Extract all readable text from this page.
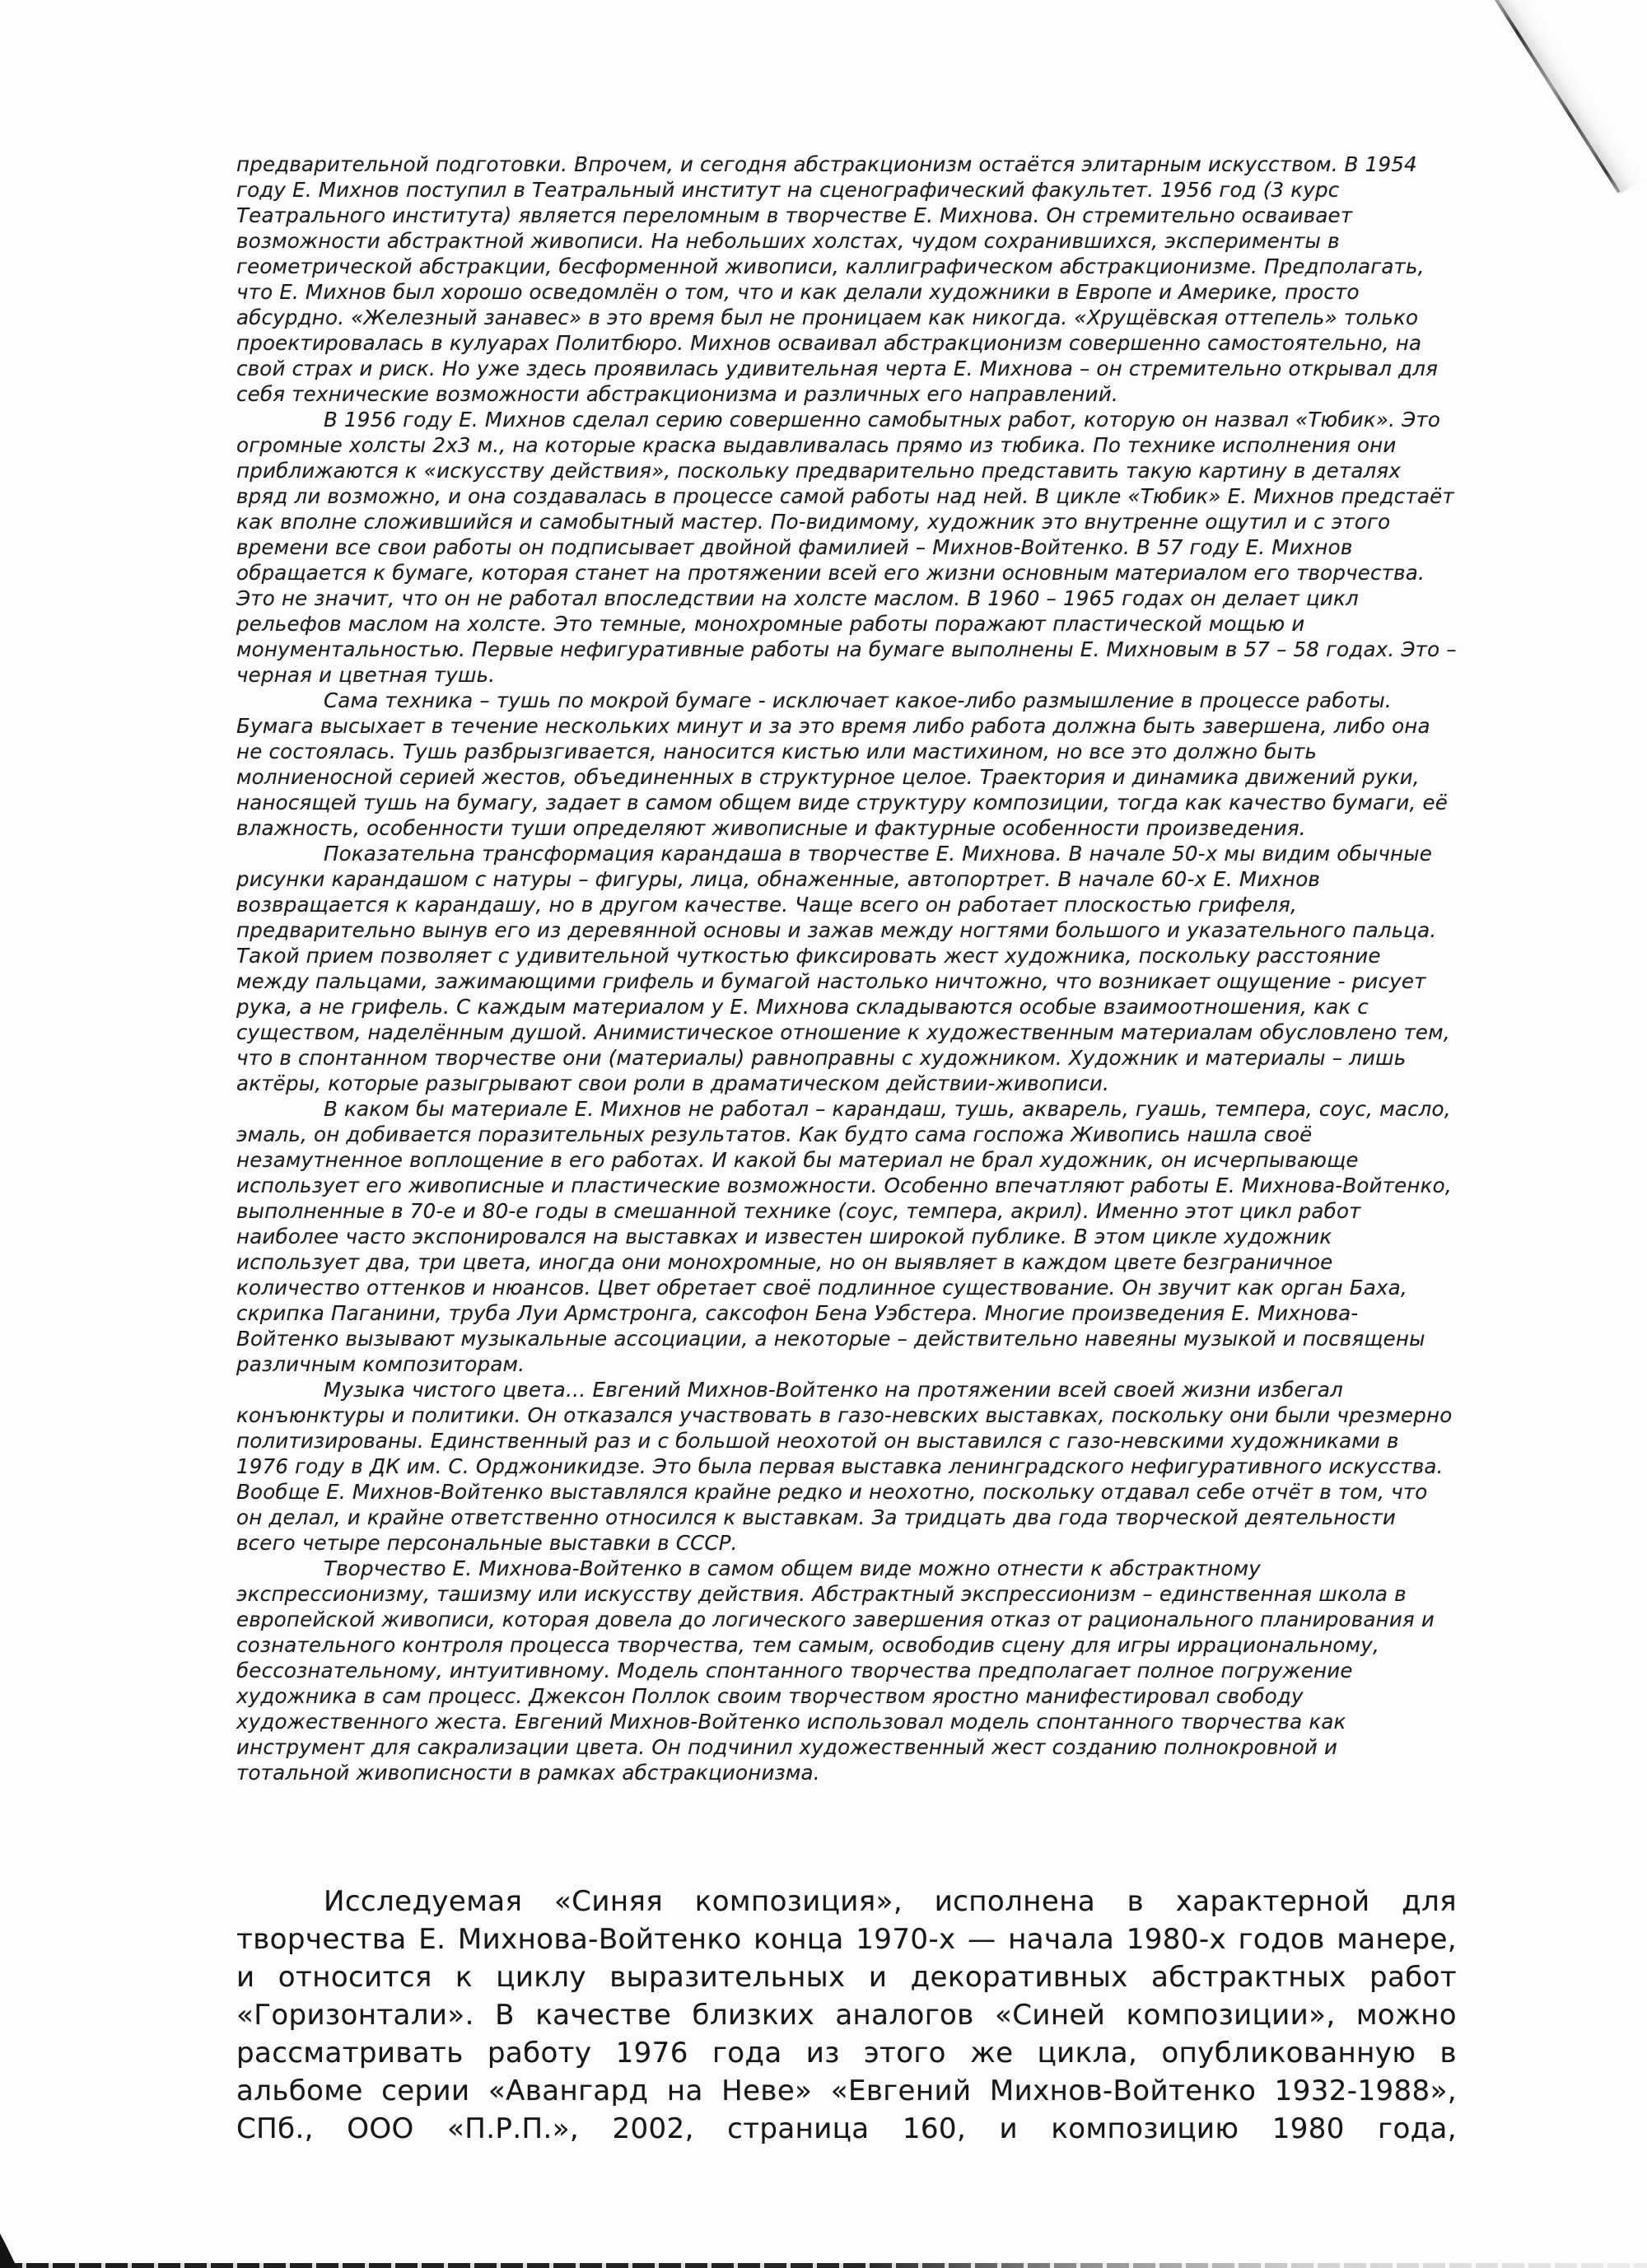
предварительной подготовки. Впрочем, и сегодня абстракционизм остаётся элитарным искусством. В 1954 году Е. Михнов поступил в Театральный институт на сценографический факультет. 1956 год (3 курс Театрального института) является переломным в творчестве Е. Михнова. Он стремительно осваивает возможности абстрактной живописи. На небольших холстах, чудом сохранившихся, эксперименты в геометрической абстракции, бесформенной живописи, каллиграфическом абстракционизме. Предполагать, что Е. Михнов был хорошо осведомлён о том, что и как делали художники в Европе и Америке, просто абсурдно. «Железный занавес» в это время был не проницаем как никогда. «Хрущёвская оттепель» только проектировалась в кулуарах Политбюро. Михнов осваивал абстракционизм совершенно самостоятельно, на свой страх и риск. Но уже здесь проявилась удивительная черта Е. Михнова – он стремительно открывал для себя технические возможности абстракционизма и различных его направлений.

В 1956 году Е. Михнов сделал серию совершенно самобытных работ, которую он назвал «Тюбик». Это огромные холсты 2х3 м., на которые краска выдавливалась прямо из тюбика. По технике исполнения они приближаются к «искусству действия», поскольку предварительно представить такую картину в деталях вряд ли возможно, и она создавалась в процессе самой работы над ней. В цикле «Тюбик» Е. Михнов предстаёт как вполне сложившийся и самобытный мастер. По-видимому, художник это внутренне ощутил и с этого времени все свои работы он подписывает двойной фамилией – Михнов-Войтенко. В 57 году Е. Михнов обращается к бумаге, которая станет на протяжении всей его жизни основным материалом его творчества. Это не значит, что он не работал впоследствии на холсте маслом. В 1960 – 1965 годах он делает цикл рельефов маслом на холсте. Это темные, монохромные работы поражают пластической мощью и монументальностью. Первые нефигуративные работы на бумаге выполнены Е. Михновым в 57 – 58 годах. Это – черная и цветная тушь.

Сама техника – тушь по мокрой бумаге - исключает какое-либо размышление в процессе работы. Бумага высыхает в течение нескольких минут и за это время либо работа должна быть завершена, либо она не состоялась. Тушь разбрызгивается, наносится кистью или мастихином, но все это должно быть молниеносной серией жестов, объединенных в структурное целое. Траектория и динамика движений руки, наносящей тушь на бумагу, задает в самом общем виде структуру композиции, тогда как качество бумаги, её влажность, особенности туши определяют живописные и фактурные особенности произведения.

Показательна трансформация карандаша в творчестве Е. Михнова. В начале 50-х мы видим обычные рисунки карандашом с натуры – фигуры, лица, обнаженные, автопортрет. В начале 60-х Е. Михнов возвращается к карандашу, но в другом качестве. Чаще всего он работает плоскостью грифеля, предварительно вынув его из деревянной основы и зажав между ногтями большого и указательного пальца. Такой прием позволяет с удивительной чуткостью фиксировать жест художника, поскольку расстояние между пальцами, зажимающими грифель и бумагой настолько ничтожно, что возникает ощущение - рисует рука, а не грифель. С каждым материалом у Е. Михнова складываются особые взаимоотношения, как с существом, наделённым душой. Анимистическое отношение к художественным материалам обусловлено тем, что в спонтанном творчестве они (материалы) равноправны с художником. Художник и материалы – лишь актёры, которые разыгрывают свои роли в драматическом действии-живописи.

В каком бы материале Е. Михнов не работал – карандаш, тушь, акварель, гуашь, темпера, соус, масло, эмаль, он добивается поразительных результатов. Как будто сама госпожа Живопись нашла своё незамутненное воплощение в его работах. И какой бы материал не брал художник, он исчерпывающе использует его живописные и пластические возможности. Особенно впечатляют работы Е. Михнова-Войтенко, выполненные в 70-е и 80-е годы в смешанной технике (соус, темпера, акрил). Именно этот цикл работ наиболее часто экспонировался на выставках и известен широкой публике. В этом цикле художник использует два, три цвета, иногда они монохромные, но он выявляет в каждом цвете безграничное количество оттенков и нюансов. Цвет обретает своё подлинное существование. Он звучит как орган Баха, скрипка Паганини, труба Луи Армстронга, саксофон Бена Уэбстера. Многие произведения Е. Михнова-Войтенко вызывают музыкальные ассоциации, а некоторые – действительно навеяны музыкой и посвящены различным композиторам.

Музыка чистого цвета… Евгений Михнов-Войтенко на протяжении всей своей жизни избегал конъюнктуры и политики. Он отказался участвовать в газо-невских выставках, поскольку они были чрезмерно политизированы. Единственный раз и с большой неохотой он выставился с газо-невскими художниками в 1976 году в ДК им. С. Орджоникидзе. Это была первая выставка ленинградского нефигуративного искусства. Вообще Е. Михнов-Войтенко выставлялся крайне редко и неохотно, поскольку отдавал себе отчёт в том, что он делал, и крайне ответственно относился к выставкам. За тридцать два года творческой деятельности всего четыре персональные выставки в СССР.

Творчество Е. Михнова-Войтенко в самом общем виде можно отнести к абстрактному экспрессионизму, ташизму или искусству действия. Абстрактный экспрессионизм – единственная школа в европейской живописи, которая довела до логического завершения отказ от рационального планирования и сознательного контроля процесса творчества, тем самым, освободив сцену для игры иррациональному, бессознательному, интуитивному. Модель спонтанного творчества предполагает полное погружение художника в сам процесс. Джексон Поллок своим творчеством яростно манифестировал свободу художественного жеста. Евгений Михнов-Войтенко использовал модель спонтанного творчества как инструмент для сакрализации цвета. Он подчинил художественный жест созданию полнокровной и тотальной живописности в рамках абстракционизма.

Исследуемая «Синяя композиция», исполнена в характерной для творчества Е. Михнова-Войтенко конца 1970-х — начала 1980-х годов манере, и относится к циклу выразительных и декоративных абстрактных работ «Горизонтали». В качестве близких аналогов «Синей композиции», можно рассматривать работу 1976 года из этого же цикла, опубликованную в альбоме серии «Авангард на Неве» «Евгений Михнов-Войтенко 1932-1988», СПб., ООО «П.Р.П.», 2002, страница 160, и композицию 1980 года,
